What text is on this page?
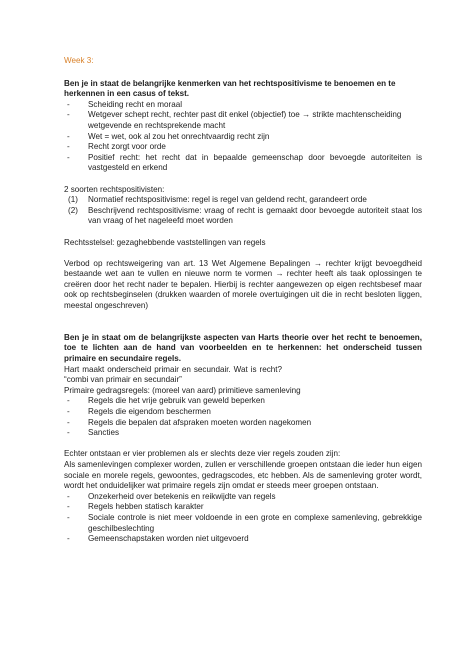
Week 3:

Ben je in staat de belangrijke kenmerken van het rechtspositivisme te benoemen en te herkennen in een casus of tekst.

- Scheiding recht en moraal
- Wetgever schept recht, rechter past dit enkel (objectief) toe → strikte machtenscheiding wetgevende en rechtsprekende macht
- Wet = wet, ook al zou het onrechtvaardig recht zijn
- Recht zorgt voor orde
- Positief recht: het recht dat in bepaalde gemeenschap door bevoegde autoriteiten is vastgesteld en erkend

2 soorten rechtspositivisten:

(1) Normatief rechtspositivisme: regel is regel van geldend recht, garandeert orde
(2) Beschrijvend rechtspositivisme: vraag of recht is gemaakt door bevoegde autoriteit staat los van vraag of het nageleefd moet worden

Rechtsstelsel: gezaghebbende vaststellingen van regels

Verbod op rechtsweigering van art. 13 Wet Algemene Bepalingen → rechter krijgt bevoegdheid bestaande wet aan te vullen en nieuwe norm te vormen → rechter heeft als taak oplossingen te creëren door het recht nader te bepalen. Hierbij is rechter aangewezen op eigen rechtsbesef maar ook op rechtsbeginselen (drukken waarden of morele overtuigingen uit die in recht besloten liggen, meestal ongeschreven)

Ben je in staat om de belangrijkste aspecten van Harts theorie over het recht te benoemen, toe te lichten aan de hand van voorbeelden en te herkennen: het onderscheid tussen primaire en secundaire regels.

Hart maakt onderscheid primair en secundair. Wat is recht? “combi van primair en secundair”

Primaire gedragsregels: (moreel van aard) primitieve samenleving

- Regels die het vrije gebruik van geweld beperken
- Regels die eigendom beschermen
- Regels die bepalen dat afspraken moeten worden nagekomen
- Sancties

Echter ontstaan er vier problemen als er slechts deze vier regels zouden zijn:

Als samenlevingen complexer worden, zullen er verschillende groepen ontstaan die ieder hun eigen sociale en morele regels, gewoontes, gedragscodes, etc hebben. Als de samenleving groter wordt, wordt het onduidelijker wat primaire regels zijn omdat er steeds meer groepen ontstaan.

- Onzekerheid over betekenis en reikwijdte van regels
- Regels hebben statisch karakter
- Sociale controle is niet meer voldoende in een grote en complexe samenleving, gebrekkige geschilbeslechting
- Gemeenschapstaken worden niet uitgevoerd
